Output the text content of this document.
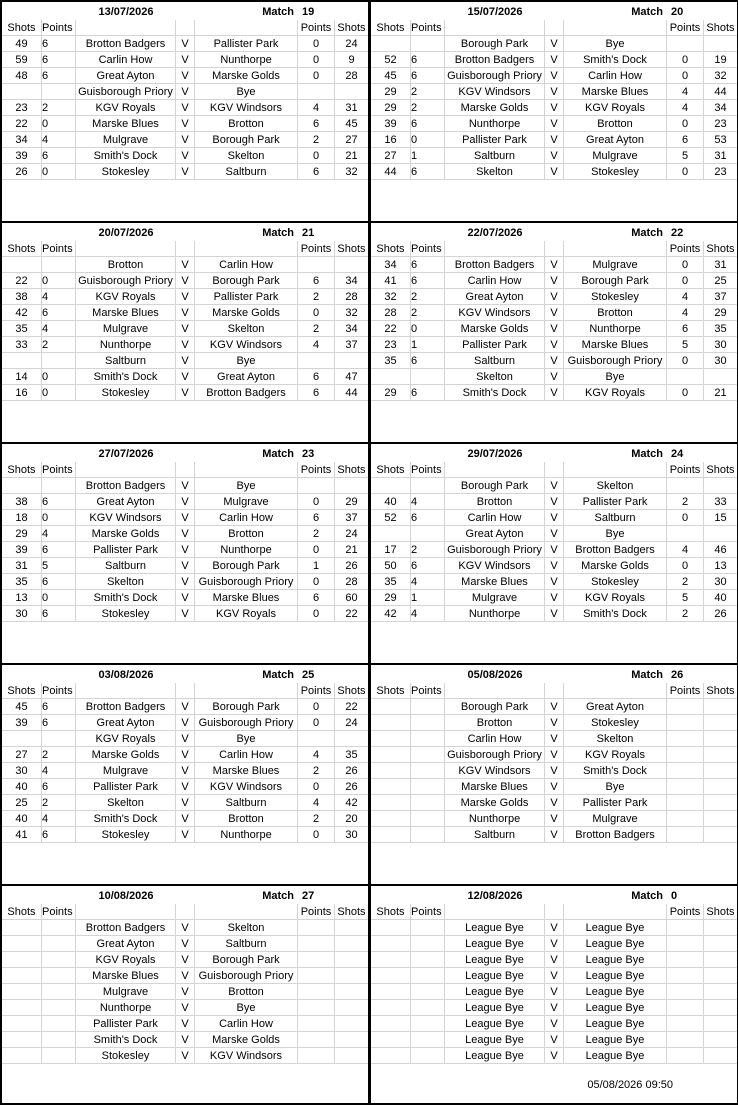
13/07/2026	Match 19
Shots Points	Points Shots
49	6	Brotton Badgers	V	Pallister Park	0	24
59	6	Carlin How	V	Nunthorpe	0	9
48	6	Great Ayton	V	Marske Golds	0	28
Guisborough Priory V	Bye
23	2	KGV Royals	V	KGV Windsors	4	31
22	0	Marske Blues	V	Brotton	6	45
34	4	Mulgrave	V	Borough Park	2	27
39	6	Smith's Dock	V	Skelton	0	21
26	0	Stokesley	V	Saltburn	6	32
15/07/2026	Match 20
Shots Points	Points Shots
Borough Park	V	Bye
52	6	Brotton Badgers	V	Smith's Dock	0	19
45	6	Guisborough Priory V	Carlin How	0	32
29	2	KGV Windsors	V	Marske Blues	4	44
29	2	Marske Golds	V	KGV Royals	4	34
39	6	Nunthorpe	V	Brotton	0	23
16	0	Pallister Park	V	Great Ayton	6	53
27	1	Saltburn	V	Mulgrave	5	31
44	6	Skelton	V	Stokesley	0	23
20/07/2026	Match 21
Shots Points	Points Shots
Brotton	V	Carlin How
22	0	Guisborough Priory V	Borough Park	6	34
38	4	KGV Royals	V	Pallister Park	2	28
42	6	Marske Blues	V	Marske Golds	0	32
35	4	Mulgrave	V	Skelton	2	34
33	2	Nunthorpe	V	KGV Windsors	4	37
Saltburn	V	Bye
14	0	Smith's Dock	V	Great Ayton	6	47
16	0	Stokesley	V	Brotton Badgers	6	44
22/07/2026	Match 22
Shots Points	Points Shots
34	6	Brotton Badgers	V	Mulgrave	0	31
41	6	Carlin How	V	Borough Park	0	25
32	2	Great Ayton	V	Stokesley	4	37
28	2	KGV Windsors	V	Brotton	4	29
22	0	Marske Golds	V	Nunthorpe	6	35
23	1	Pallister Park	V	Marske Blues	5	30
35	6	Saltburn	V Guisborough Priory	0	30
Skelton	V	Bye
29	6	Smith's Dock	V	KGV Royals	0	21
27/07/2026	Match 23
Shots Points	Points Shots
Brotton Badgers	V	Bye
38	6	Great Ayton	V	Mulgrave	0	29
18	0	KGV Windsors	V	Carlin How	6	37
29	4	Marske Golds	V	Brotton	2	24
39	6	Pallister Park	V	Nunthorpe	0	21
31	5	Saltburn	V	Borough Park	1	26
35	6	Skelton	V Guisborough Priory	0	28
13	0	Smith's Dock	V	Marske Blues	6	60
30	6	Stokesley	V	KGV Royals	0	22
29/07/2026	Match 24
Shots Points	Points Shots
Borough Park	V	Skelton
40	4	Brotton	V	Pallister Park	2	33
52	6	Carlin How	V	Saltburn	0	15
Great Ayton	V	Bye
17	2	Guisborough Priory V	Brotton Badgers	4	46
50	6	KGV Windsors	V	Marske Golds	0	13
35	4	Marske Blues	V	Stokesley	2	30
29	1	Mulgrave	V	KGV Royals	5	40
42	4	Nunthorpe	V	Smith's Dock	2	26
03/08/2026	Match 25
Shots Points	Points Shots
45	6	Brotton Badgers	V	Borough Park	0	22
39	6	Great Ayton	V Guisborough Priory	0	24
KGV Royals	V	Bye
27	2	Marske Golds	V	Carlin How	4	35
30	4	Mulgrave	V	Marske Blues	2	26
40	6	Pallister Park	V	KGV Windsors	0	26
25	2	Skelton	V	Saltburn	4	42
40	4	Smith's Dock	V	Brotton	2	20
41	6	Stokesley	V	Nunthorpe	0	30
05/08/2026	Match 26
Shots Points	Points Shots
Borough Park	V	Great Ayton
Brotton	V	Stokesley
Carlin How	V	Skelton
Guisborough Priory V	KGV Royals
KGV Windsors	V	Smith's Dock
Marske Blues	V	Bye
Marske Golds	V	Pallister Park
Nunthorpe	V	Mulgrave
Saltburn	V	Brotton Badgers
10/08/2026	Match 27
Shots Points	Points Shots
Brotton Badgers	V	Skelton
Great Ayton	V	Saltburn
KGV Royals	V	Borough Park
Marske Blues	V Guisborough Priory
Mulgrave	V	Brotton
Nunthorpe	V	Bye
Pallister Park	V	Carlin How
Smith's Dock	V	Marske Golds
Stokesley	V	KGV Windsors
12/08/2026	Match 0
Shots Points	Points Shots
League Bye	V	League Bye
League Bye	V	League Bye
League Bye	V	League Bye
League Bye	V	League Bye
League Bye	V	League Bye
League Bye	V	League Bye
League Bye	V	League Bye
League Bye	V	League Bye
League Bye	V	League Bye
05/08/2026 09:50
